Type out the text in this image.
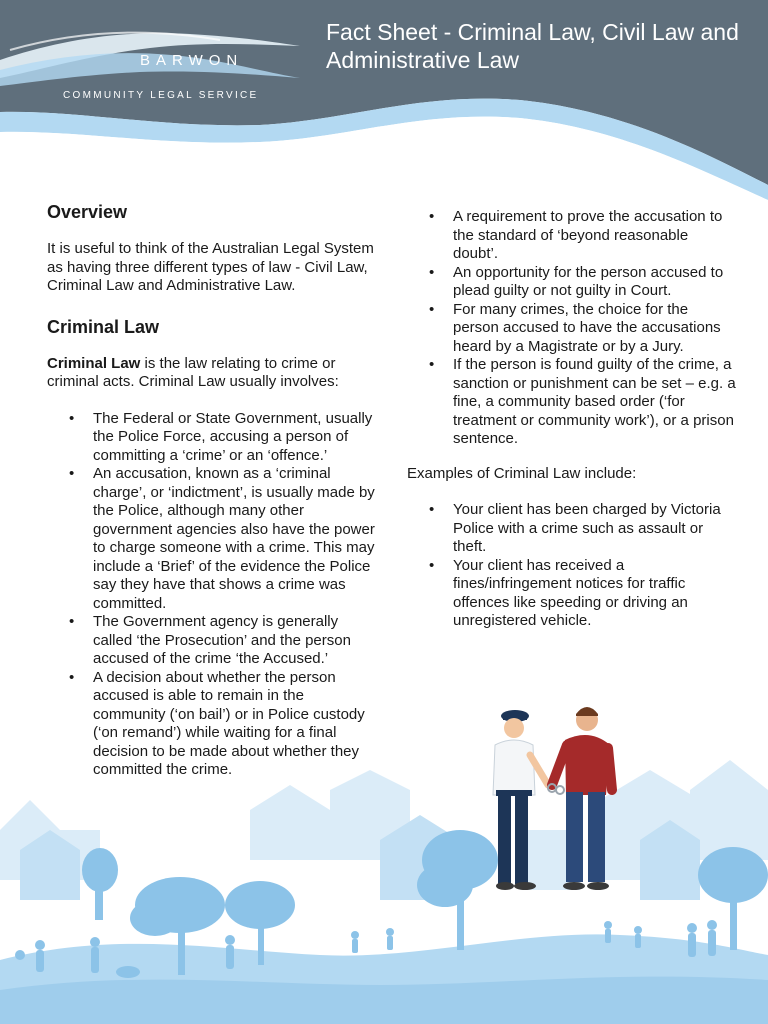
BARWON
COMMUNITY LEGAL SERVICE
Fact Sheet - Criminal Law, Civil Law and Administrative Law
Overview

It is useful to think of the Australian Legal System as having three different types of law - Civil Law, Criminal Law and Administrative Law.

Criminal Law

Criminal Law is the law relating to crime or criminal acts. Criminal Law usually involves:

• The Federal or State Government, usually the Police Force, accusing a person of committing a ‘crime’ or an ‘offence.’
• An accusation, known as a ‘criminal charge’, or ‘indictment’, is usually made by the Police, although many other government agencies also have the power to charge someone with a crime. This may include a ‘Brief’ of the evidence the Police say they have that shows a crime was committed.
• The Government agency is generally called ‘the Prosecution’ and the person accused of the crime ‘the Accused.’
• A decision about whether the person accused is able to remain in the community (‘on bail’) or in Police custody (‘on remand’) while waiting for a final decision to be made about whether they committed the crime.
• A requirement to prove the accusation to the standard of ‘beyond reasonable doubt’.
• An opportunity for the person accused to plead guilty or not guilty in Court.
• For many crimes, the choice for the person accused to have the accusations heard by a Magistrate or by a Jury.
• If the person is found guilty of the crime, a sanction or punishment can be set – e.g. a fine, a community based order (‘for treatment or community work’), or a prison sentence.

Examples of Criminal Law include:

• Your client has been charged by Victoria Police with a crime such as assault or theft.
• Your client has received a fines/infringement notices for traffic offences like speeding or driving an unregistered vehicle.
